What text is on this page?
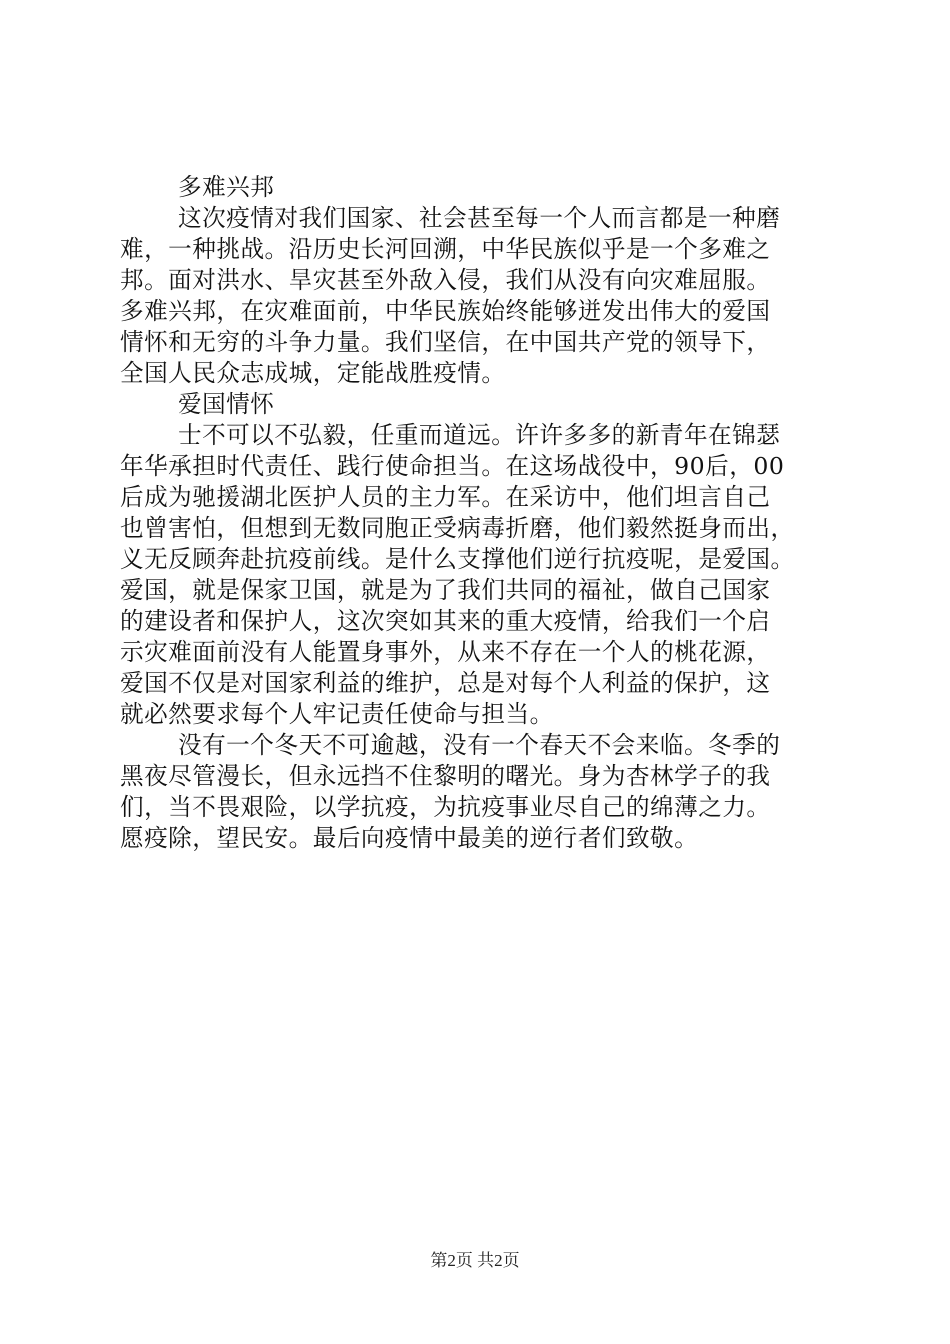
多难兴邦
这次疫情对我们国家、社会甚至每一个人而言都是一种磨
难，一种挑战。沿历史长河回溯，中华民族似乎是一个多难之
邦。面对洪水、旱灾甚至外敌入侵，我们从没有向灾难屈服。
多难兴邦，在灾难面前，中华民族始终能够迸发出伟大的爱国
情怀和无穷的斗争力量。我们坚信，在中国共产党的领导下，
全国人民众志成城，定能战胜疫情。
爱国情怀
士不可以不弘毅，任重而道远。许许多多的新青年在锦瑟
年华承担时代责任、践行使命担当。在这场战役中，90后，00
后成为驰援湖北医护人员的主力军。在采访中，他们坦言自己
也曾害怕，但想到无数同胞正受病毒折磨，他们毅然挺身而出，
义无反顾奔赴抗疫前线。是什么支撑他们逆行抗疫呢，是爱国。
爱国，就是保家卫国，就是为了我们共同的福祉，做自己国家
的建设者和保护人，这次突如其来的重大疫情，给我们一个启
示灾难面前没有人能置身事外，从来不存在一个人的桃花源，
爱国不仅是对国家利益的维护，总是对每个人利益的保护，这
就必然要求每个人牢记责任使命与担当。
没有一个冬天不可逾越，没有一个春天不会来临。冬季的
黑夜尽管漫长，但永远挡不住黎明的曙光。身为杏林学子的我
们，当不畏艰险，以学抗疫，为抗疫事业尽自己的绵薄之力。
愿疫除，望民安。最后向疫情中最美的逆行者们致敬。
第2页 共2页
